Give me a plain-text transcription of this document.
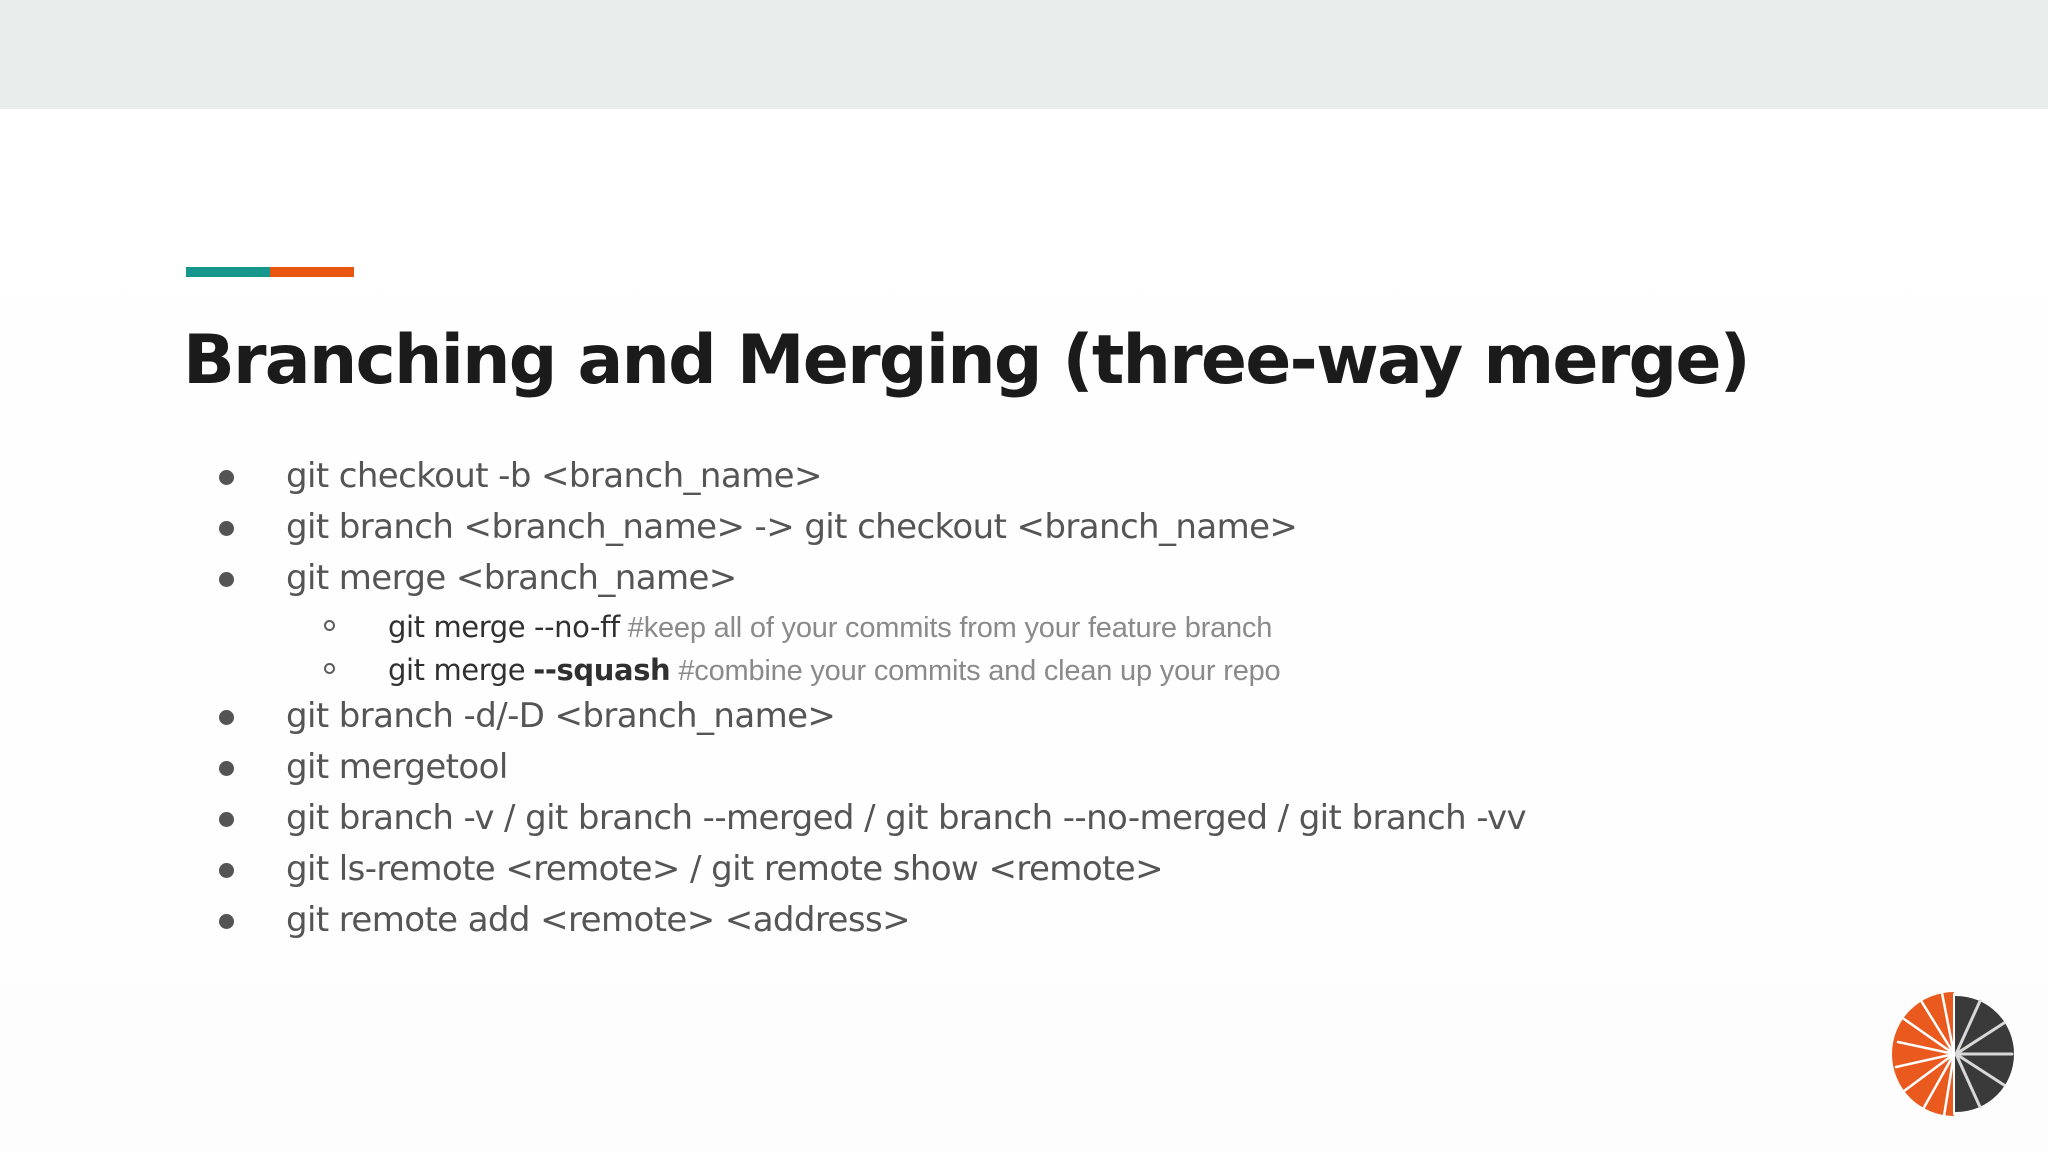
Branching and Merging (three-way merge)
git checkout -b <branch_name>
git branch <branch_name> -> git checkout <branch_name>
git merge <branch_name>
git merge --no-ff #keep all of your commits from your feature branch
git merge --squash #combine your commits and clean up your repo
git branch -d/-D <branch_name>
git mergetool
git branch -v / git branch --merged / git branch --no-merged / git branch -vv
git ls-remote <remote> / git remote show <remote>
git remote add <remote> <address>
